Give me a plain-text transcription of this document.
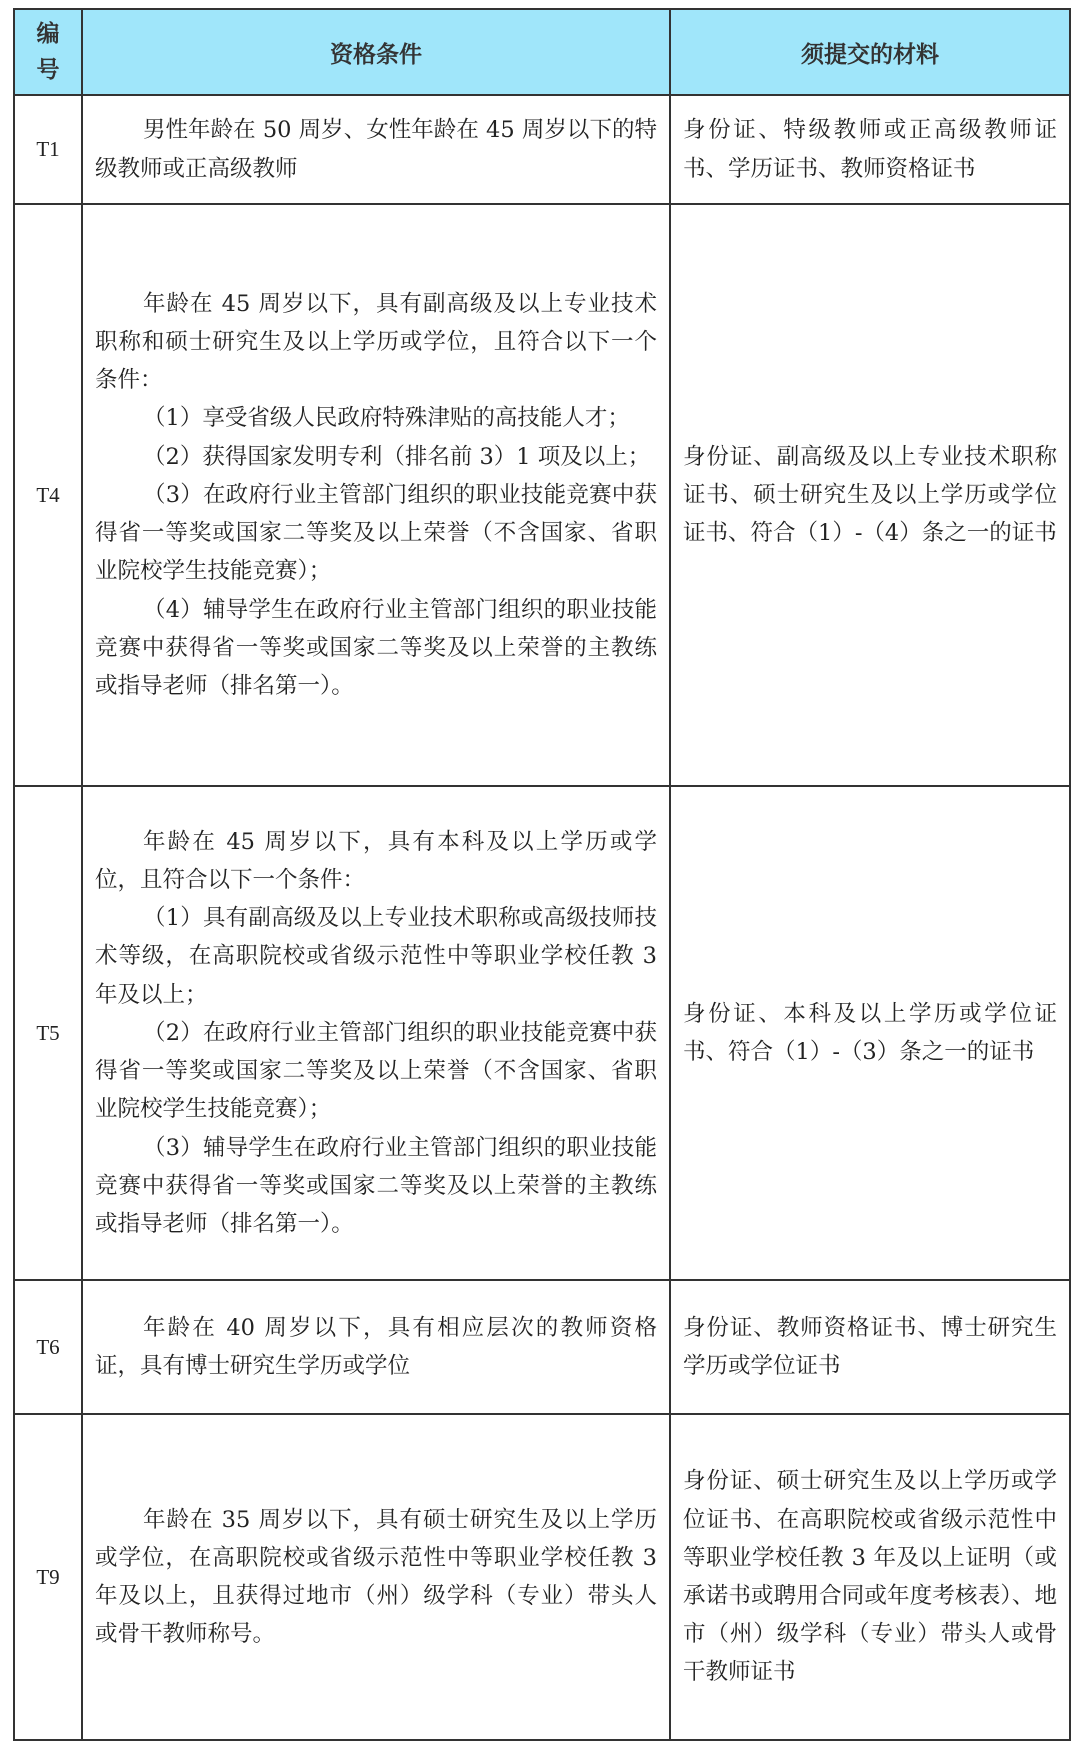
编
号	资格条件	须提交的材料
T1	男性年龄在 50 周岁、女性年龄在 45 周岁以下的特级教师或正高级教师	身份证、特级教师或正高级教师证书、学历证书、教师资格证书
T4	年龄在 45 周岁以下，具有副高级及以上专业技术职称和硕士研究生及以上学历或学位，且符合以下一个条件：
（1）享受省级人民政府特殊津贴的高技能人才；
（2）获得国家发明专利（排名前 3）1 项及以上；
（3）在政府行业主管部门组织的职业技能竞赛中获得省一等奖或国家二等奖及以上荣誉（不含国家、省职业院校学生技能竞赛）；
（4）辅导学生在政府行业主管部门组织的职业技能竞赛中获得省一等奖或国家二等奖及以上荣誉的主教练或指导老师（排名第一）。	身份证、副高级及以上专业技术职称证书、硕士研究生及以上学历或学位证书、符合（1）-（4）条之一的证书
T5	年龄在 45 周岁以下，具有本科及以上学历或学位，且符合以下一个条件：
（1）具有副高级及以上专业技术职称或高级技师技术等级，在高职院校或省级示范性中等职业学校任教 3 年及以上；
（2）在政府行业主管部门组织的职业技能竞赛中获得省一等奖或国家二等奖及以上荣誉（不含国家、省职业院校学生技能竞赛）；
（3）辅导学生在政府行业主管部门组织的职业技能竞赛中获得省一等奖或国家二等奖及以上荣誉的主教练或指导老师（排名第一）。	身份证、本科及以上学历或学位证书、符合（1）-（3）条之一的证书
T6	年龄在 40 周岁以下，具有相应层次的教师资格证，具有博士研究生学历或学位	身份证、教师资格证书、博士研究生学历或学位证书
T9	年龄在 35 周岁以下，具有硕士研究生及以上学历或学位，在高职院校或省级示范性中等职业学校任教 3 年及以上，且获得过地市（州）级学科（专业）带头人或骨干教师称号。	身份证、硕士研究生及以上学历或学位证书、在高职院校或省级示范性中等职业学校任教 3 年及以上证明（或承诺书或聘用合同或年度考核表）、地市（州）级学科（专业）带头人或骨干教师证书
